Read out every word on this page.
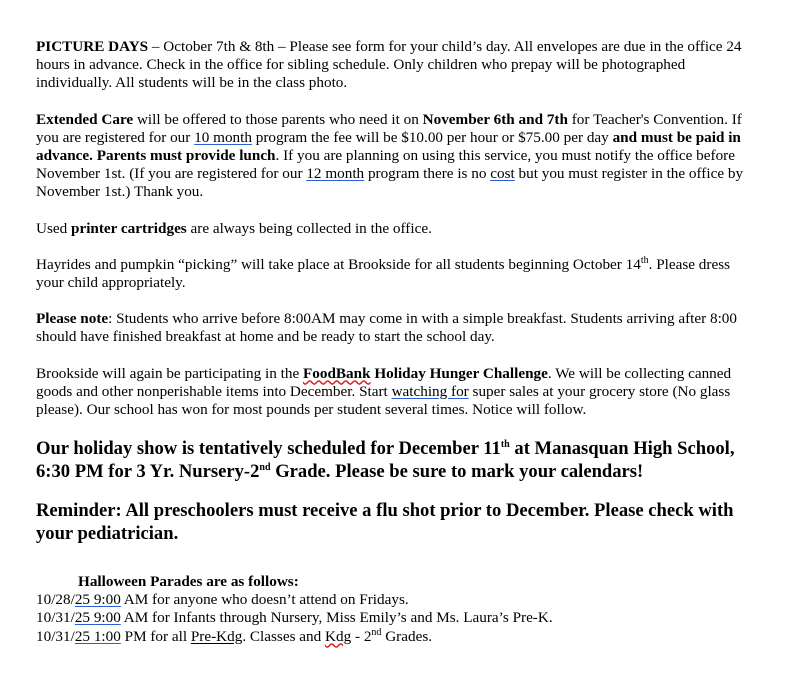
PICTURE DAYS – October 7th & 8th – Please see form for your child’s day. All envelopes are due in the office 24 hours in advance. Check in the office for sibling schedule. Only children who prepay will be photographed individually. All students will be in the class photo.

Extended Care will be offered to those parents who need it on November 6th and 7th for Teacher's Convention. If you are registered for our 10 month program the fee will be $10.00 per hour or $75.00 per day and must be paid in advance. Parents must provide lunch. If you are planning on using this service, you must notify the office before November 1st. (If you are registered for our 12 month program there is no cost but you must register in the office by November 1st.) Thank you.

Used printer cartridges are always being collected in the office.

Hayrides and pumpkin “picking” will take place at Brookside for all students beginning October 14th. Please dress your child appropriately.

Please note: Students who arrive before 8:00AM may come in with a simple breakfast. Students arriving after 8:00 should have finished breakfast at home and be ready to start the school day.

Brookside will again be participating in the FoodBank Holiday Hunger Challenge. We will be collecting canned goods and other nonperishable items into December. Start watching for super sales at your grocery store (No glass please). Our school has won for most pounds per student several times. Notice will follow.

Our holiday show is tentatively scheduled for December 11th at Manasquan High School, 6:30 PM for 3 Yr. Nursery-2nd Grade. Please be sure to mark your calendars!

Reminder: All preschoolers must receive a flu shot prior to December. Please check with your pediatrician.

Halloween Parades are as follows:
10/28/25 9:00 AM for anyone who doesn’t attend on Fridays.
10/31/25 9:00 AM for Infants through Nursery, Miss Emily’s and Ms. Laura’s Pre-K.
10/31/25 1:00 PM for all Pre-Kdg. Classes and Kdg - 2nd Grades.
